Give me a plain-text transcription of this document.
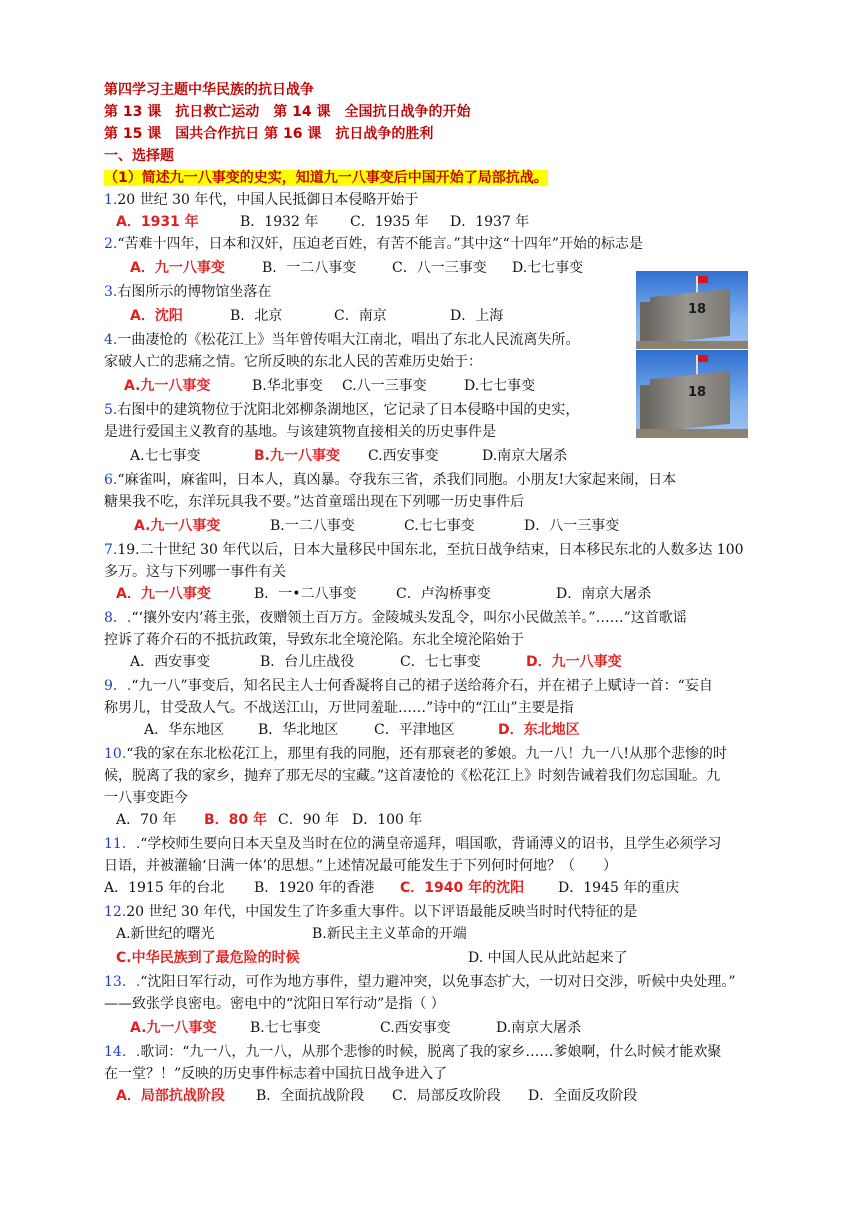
第四学习主题中华民族的抗日战争
第 13 课　抗日救亡运动　第 14 课　全国抗日战争的开始
第 15 课　国共合作抗日 第 16 课　抗日战争的胜利
一、选择题
（1）简述九一八事变的史实，知道九一八事变后中国开始了局部抗战。
1.20 世纪 30 年代，中国人民抵御日本侵略开始于
A．1931 年	B．1932 年 C．1935 年 D．1937 年
2.“苦难十四年，日本和汉奸，压迫老百姓，有苦不能言。”其中这“十四年”开始的标志是
A．九一八事变	B．一二八事变	C．八一三事变 D.七七事变
3.右图所示的博物馆坐落在
A．沈阳	B．北京	C．南京	D．上海
4.一曲凄怆的《松花江上》当年曾传唱大江南北，唱出了东北人民流离失所。
家破人亡的悲痛之情。它所反映的东北人民的苦难历史始于：
A.九一八事变	B.华北事变 C.八一三事变	D.七七事变
5.右图中的建筑物位于沈阳北郊柳条湖地区，它记录了日本侵略中国的史实，
是进行爱国主义教育的基地。与该建筑物直接相关的历史事件是
A.七七事变	B.九一八事变 C.西安事变	D.南京大屠杀
6.“麻雀叫，麻雀叫，日本人，真凶暴。夺我东三省，杀我们同胞。小朋友!大家起来闹，日本
糖果我不吃，东洋玩具我不要。”达首童瑶出现在下列哪一历史事件后
A.九一八事变	B.一二八事变	C.七七事变	D．八一三事变
7.19.二十世纪 30 年代以后，日本大量移民中国东北，至抗日战争结束，日本移民东北的人数多达 100
多万。这与下列哪一事件有关
A．九一八事变	B．一•二八事变	C．卢沟桥事变	D．南京大屠杀
8．.“‘攘外安内’蒋主张，夜赠领土百万方。金陵城头发乱令，叫尔小民做羔羊。”……”这首歌谣
控诉了蒋介石的不抵抗政策，导致东北全境沦陷。东北全境沦陷始于
A．西安事变	B．台儿庄战役	C．七七事变	D．九一八事变
9．.“九一八”事变后，知名民主人士何香凝将自己的裙子送给蒋介石，并在裙子上赋诗一首：“妄自
称男儿，甘受敌人气。不战送江山，万世同羞耻……”诗中的“江山”主要是指
A．华东地区 B．华北地区	C．平津地区	D．东北地区
10.“我的家在东北松花江上，那里有我的同胞，还有那衰老的爹娘。九一八！九一八!从那个悲惨的时
候，脱离了我的家乡，抛弃了那无尽的宝藏。”这首凄怆的《松花江上》时刻告诫着我们勿忘国耻。九
一八事变距今
A．70 年 B．80 年 C．90 年 D．100 年
11．.“学校师生要向日本天皇及当时在位的满皇帝遥拜，唱国歌，背诵溥义的诏书，且学生必须学习
日语，并被灌输‘日满一体’的思想。”上述情况最可能发生于下列何时何地？（　　）
A．1915 年的台北 B．1920 年的香港 C．1940 年的沈阳 D．1945 年的重庆
12.20 世纪 30 年代，中国发生了许多重大事件。以下评语最能反映当时时代特征的是
A.新世纪的曙光	B.新民主主义革命的开端
C.中华民族到了最危险的时候	D. 中国人民从此站起来了
13．.“沈阳日军行动，可作为地方事件，望力避冲突，以免事态扩大，一切对日交涉，听候中央处理。”
——致张学良密电。密电中的“沈阳日军行动”是指（ ）
A.九一八事变 B.七七事变	C.西安事变	D.南京大屠杀
14．.歌词：“九一八，九一八，从那个悲惨的时候，脱离了我的家乡……爹娘啊，什么时候才能欢聚
在一堂？！”反映的历史事件标志着中国抗日战争进入了
A．局部抗战阶段 B．全面抗战阶段 C．局部反攻阶段 D．全面反攻阶段
18
18
